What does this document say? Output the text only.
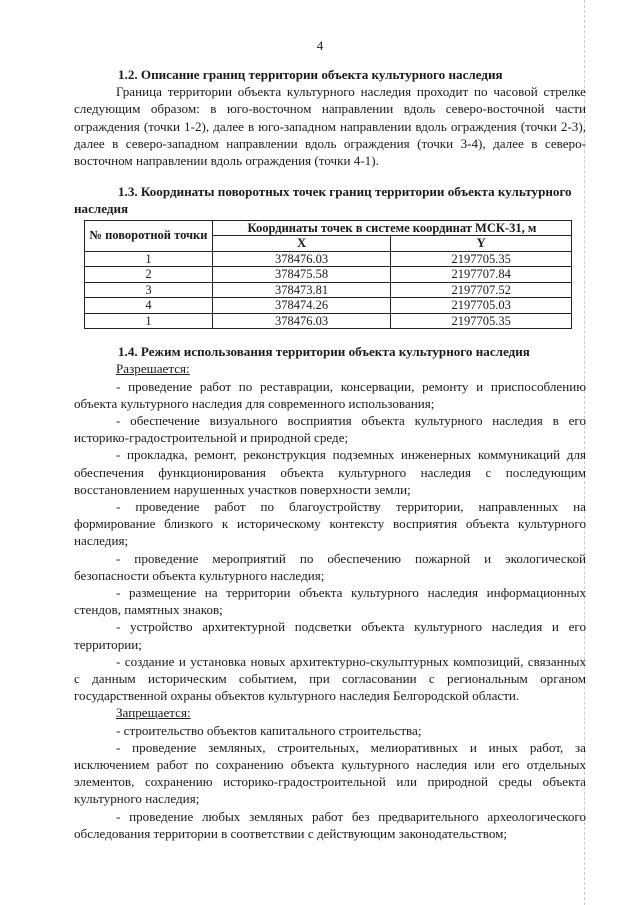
4

1.2. Описание границ территории объекта культурного наследия

Граница территории объекта культурного наследия проходит по часовой стрелке следующим образом: в юго-восточном направлении вдоль северо-восточной части ограждения (точки 1-2), далее в юго-западном направлении вдоль ограждения (точки 2-3), далее в северо-западном направлении вдоль ограждения (точки 3-4), далее в северо-восточном направлении вдоль ограждения (точки 4-1).

1.3. Координаты поворотных точек границ территории объекта культурного наследия

№ поворотной точки	Координаты точек в системе координат МСК-31, м	
	X	Y
1	378476.03	2197705.35
2	378475.58	2197707.84
3	378473.81	2197707.52
4	378474.26	2197705.03
1	378476.03	2197705.35

1.4. Режим использования территории объекта культурного наследия

Разрешается:

- проведение работ по реставрации, консервации, ремонту и приспособлению объекта культурного наследия для современного использования;

- обеспечение визуального восприятия объекта культурного наследия в его историко-градостроительной и природной среде;

- прокладка, ремонт, реконструкция подземных инженерных коммуникаций для обеспечения функционирования объекта культурного наследия с последующим восстановлением нарушенных участков поверхности земли;

- проведение работ по благоустройству территории, направленных на формирование близкого к историческому контексту восприятия объекта культурного наследия;

- проведение мероприятий по обеспечению пожарной и экологической безопасности объекта культурного наследия;

- размещение на территории объекта культурного наследия информационных стендов, памятных знаков;

- устройство архитектурной подсветки объекта культурного наследия и его территории;

- создание и установка новых архитектурно-скульптурных композиций, связанных с данным историческим событием, при согласовании с региональным органом государственной охраны объектов культурного наследия Белгородской области.

Запрещается:

- строительство объектов капитального строительства;

- проведение земляных, строительных, мелиоративных и иных работ, за исключением работ по сохранению объекта культурного наследия или его отдельных элементов, сохранению историко-градостроительной или природной среды объекта культурного наследия;

- проведение любых земляных работ без предварительного археологического обследования территории в соответствии с действующим законодательством;
